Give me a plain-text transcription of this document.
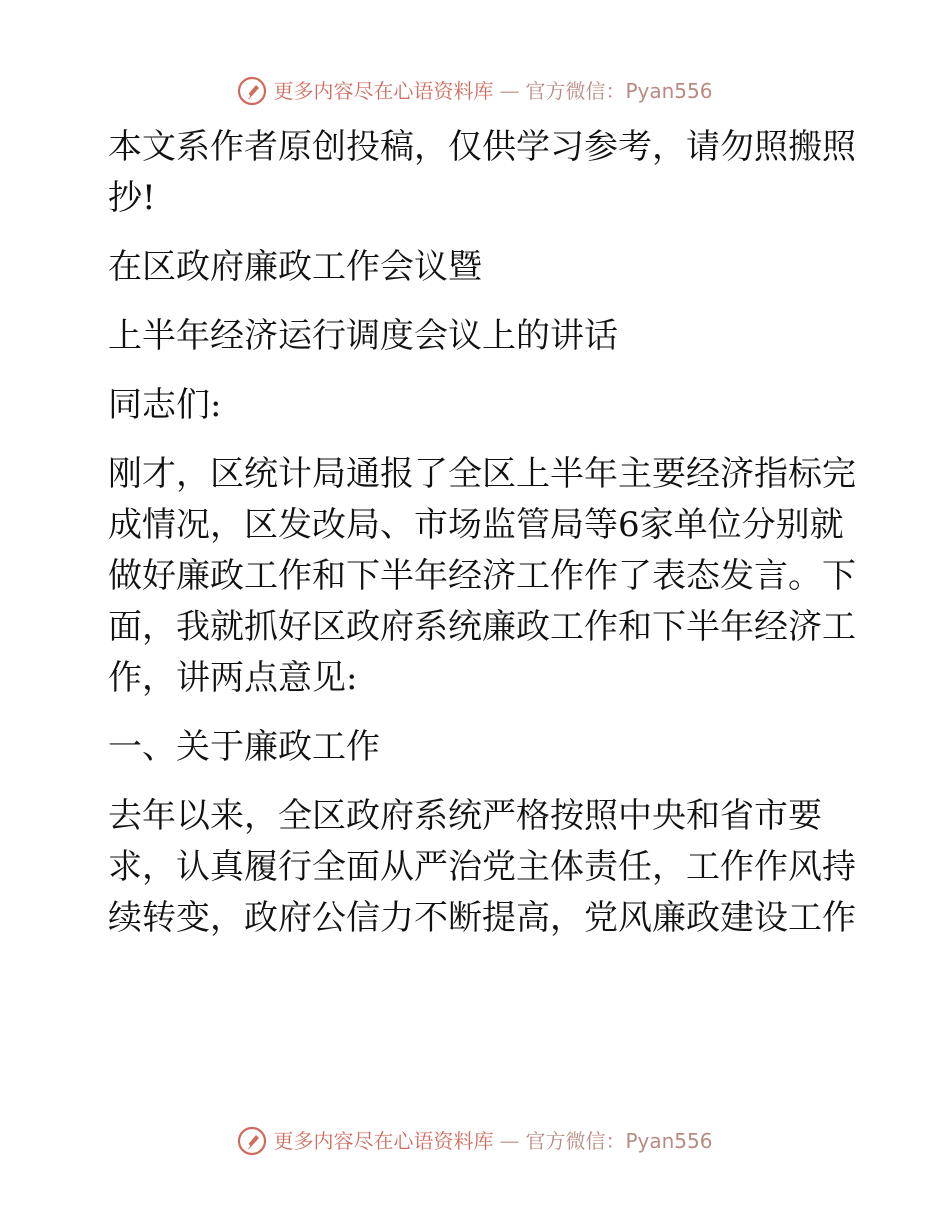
更多内容尽在心语资料库 — 官方微信：Pyan556

本文系作者原创投稿，仅供学习参考，请勿照搬照抄!

在区政府廉政工作会议暨

上半年经济运行调度会议上的讲话

同志们:

刚才，区统计局通报了全区上半年主要经济指标完成情况，区发改局、市场监管局等6家单位分别就做好廉政工作和下半年经济工作作了表态发言。下面，我就抓好区政府系统廉政工作和下半年经济工作，讲两点意见:

一、关于廉政工作

去年以来，全区政府系统严格按照中央和省市要求，认真履行全面从严治党主体责任，工作作风持续转变，政府公信力不断提高，党风廉政建设工作

更多内容尽在心语资料库 — 官方微信：Pyan556
